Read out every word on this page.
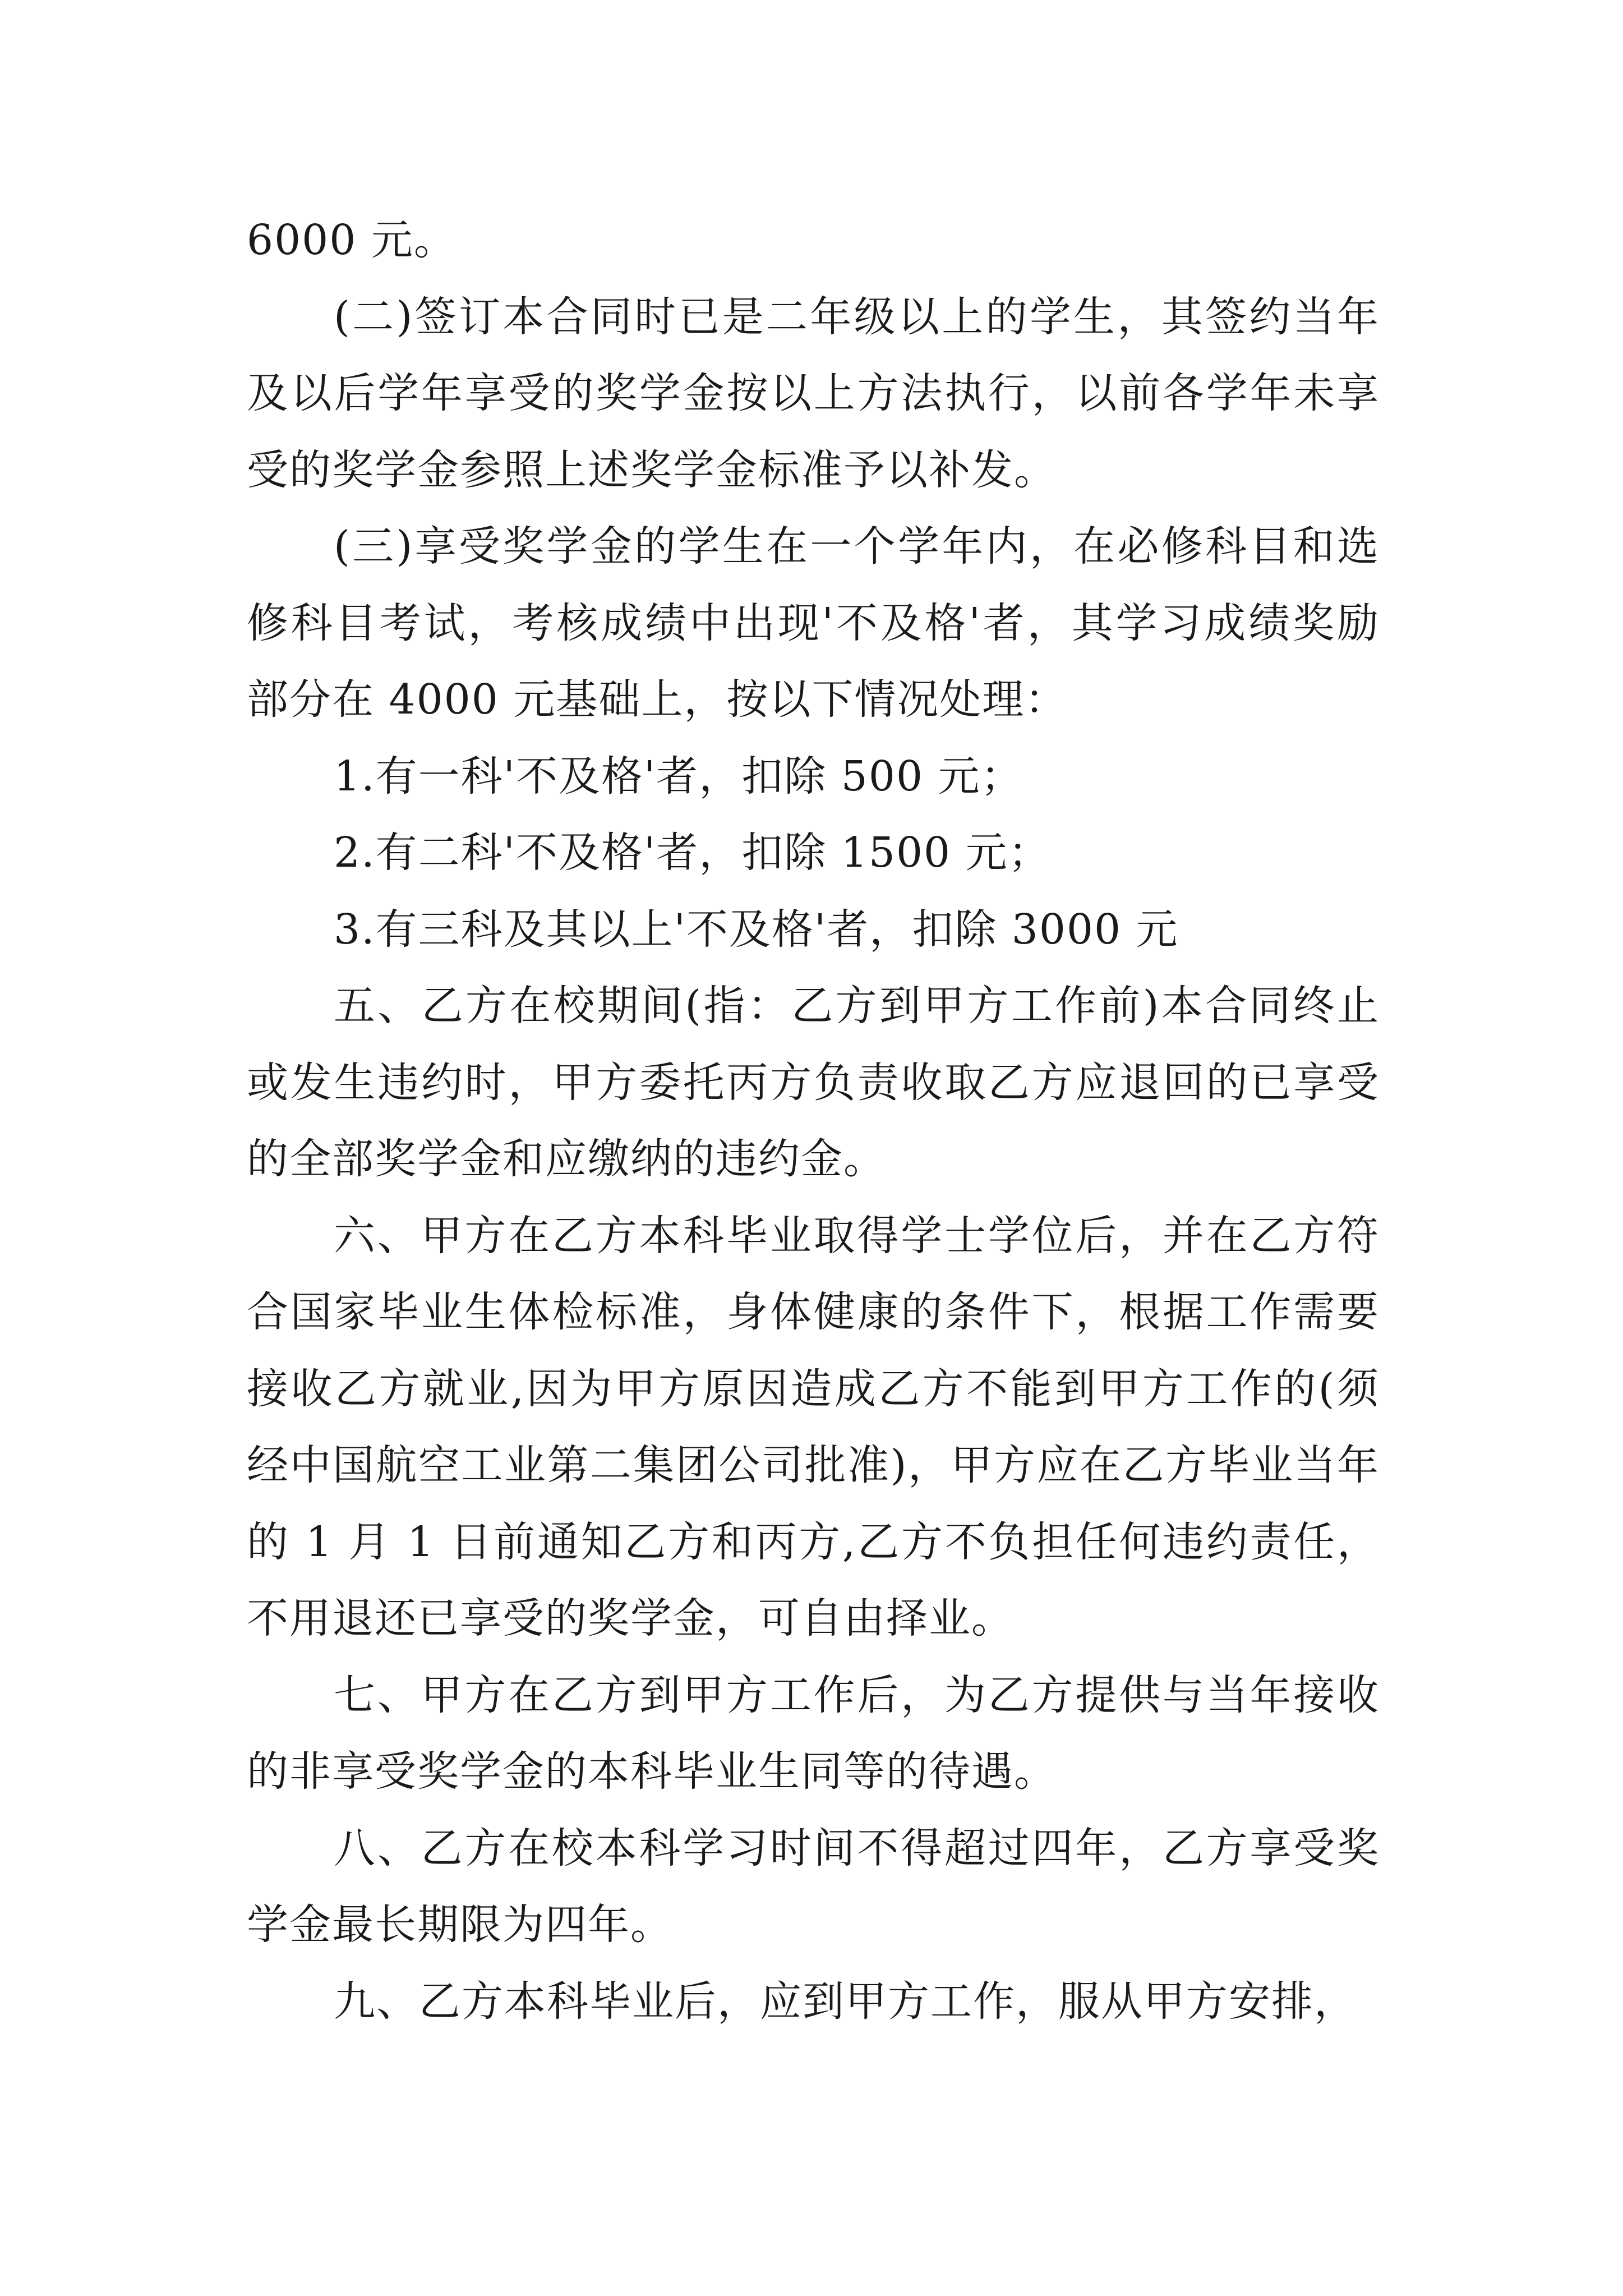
6000 元。

(二)签订本合同时已是二年级以上的学生，其签约当年及以后学年享受的奖学金按以上方法执行，以前各学年未享受的奖学金参照上述奖学金标准予以补发。

(三)享受奖学金的学生在一个学年内，在必修科目和选修科目考试，考核成绩中出现'不及格'者，其学习成绩奖励部分在 4000 元基础上，按以下情况处理：

1.有一科'不及格'者，扣除 500 元；

2.有二科'不及格'者，扣除 1500 元；

3.有三科及其以上'不及格'者，扣除 3000 元

五、乙方在校期间(指：乙方到甲方工作前)本合同终止或发生违约时，甲方委托丙方负责收取乙方应退回的已享受的全部奖学金和应缴纳的违约金。

六、甲方在乙方本科毕业取得学士学位后，并在乙方符合国家毕业生体检标准，身体健康的条件下，根据工作需要接收乙方就业,因为甲方原因造成乙方不能到甲方工作的(须经中国航空工业第二集团公司批准)，甲方应在乙方毕业当年的 1 月 1 日前通知乙方和丙方,乙方不负担任何违约责任，不用退还已享受的奖学金，可自由择业。

七、甲方在乙方到甲方工作后，为乙方提供与当年接收的非享受奖学金的本科毕业生同等的待遇。

八、乙方在校本科学习时间不得超过四年，乙方享受奖学金最长期限为四年。

九、乙方本科毕业后，应到甲方工作，服从甲方安排，
